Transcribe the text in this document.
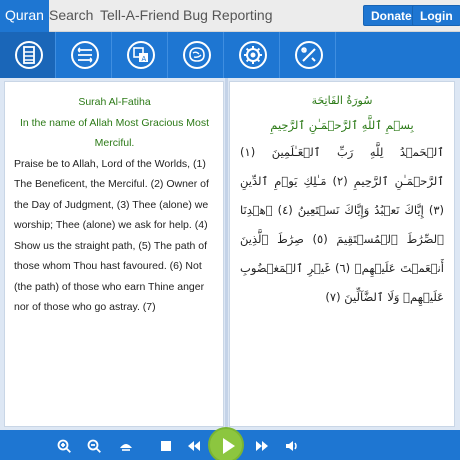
Quran Search Tell-A-Friend Bug Reporting	Donate Login
A
Surah Al-Fatiha
In the name of Allah Most Gracious Most Merciful.
Praise be to Allah, Lord of the Worlds, (1) The Beneficent, the Merciful. (2) Owner of the Day of Judgment, (3) Thee (alone) we worship; Thee (alone) we ask for help. (4) Show us the straight path, (5) The path of those whom Thou hast favoured. (6) Not (the path) of those who earn Thine anger nor of those who go astray. (7)
سُورَةُ الفَاتِحَة
بِسۡمِ ٱللَّهِ ٱلرَّحۡمَـٰنِ ٱلرَّحِيمِ
ٱلۡحَمۡدُ لِلَّهِ رَبِّ ٱلۡعَـٰلَمِينَ (١) ٱلرَّحۡمَـٰنِ ٱلرَّحِيمِ (٢) مَـٰلِكِ يَوۡمِ ٱلدِّينِ (٣) إِيَّاكَ نَعۡبُدُ وَإِيَّاكَ نَسۡتَعِينُ (٤) ٱهۡدِنَا ٱلصِّرَٰطَ ٱلۡمُسۡتَقِيمَ (٥) صِرَٰطَ ٱلَّذِينَ أَنۡعَمۡتَ عَلَيۡهِمۡ (٦) غَيۡرِ ٱلۡمَغۡضُوبِ عَلَيۡهِمۡ وَلَا ٱلضَّآلِّينَ (٧)
